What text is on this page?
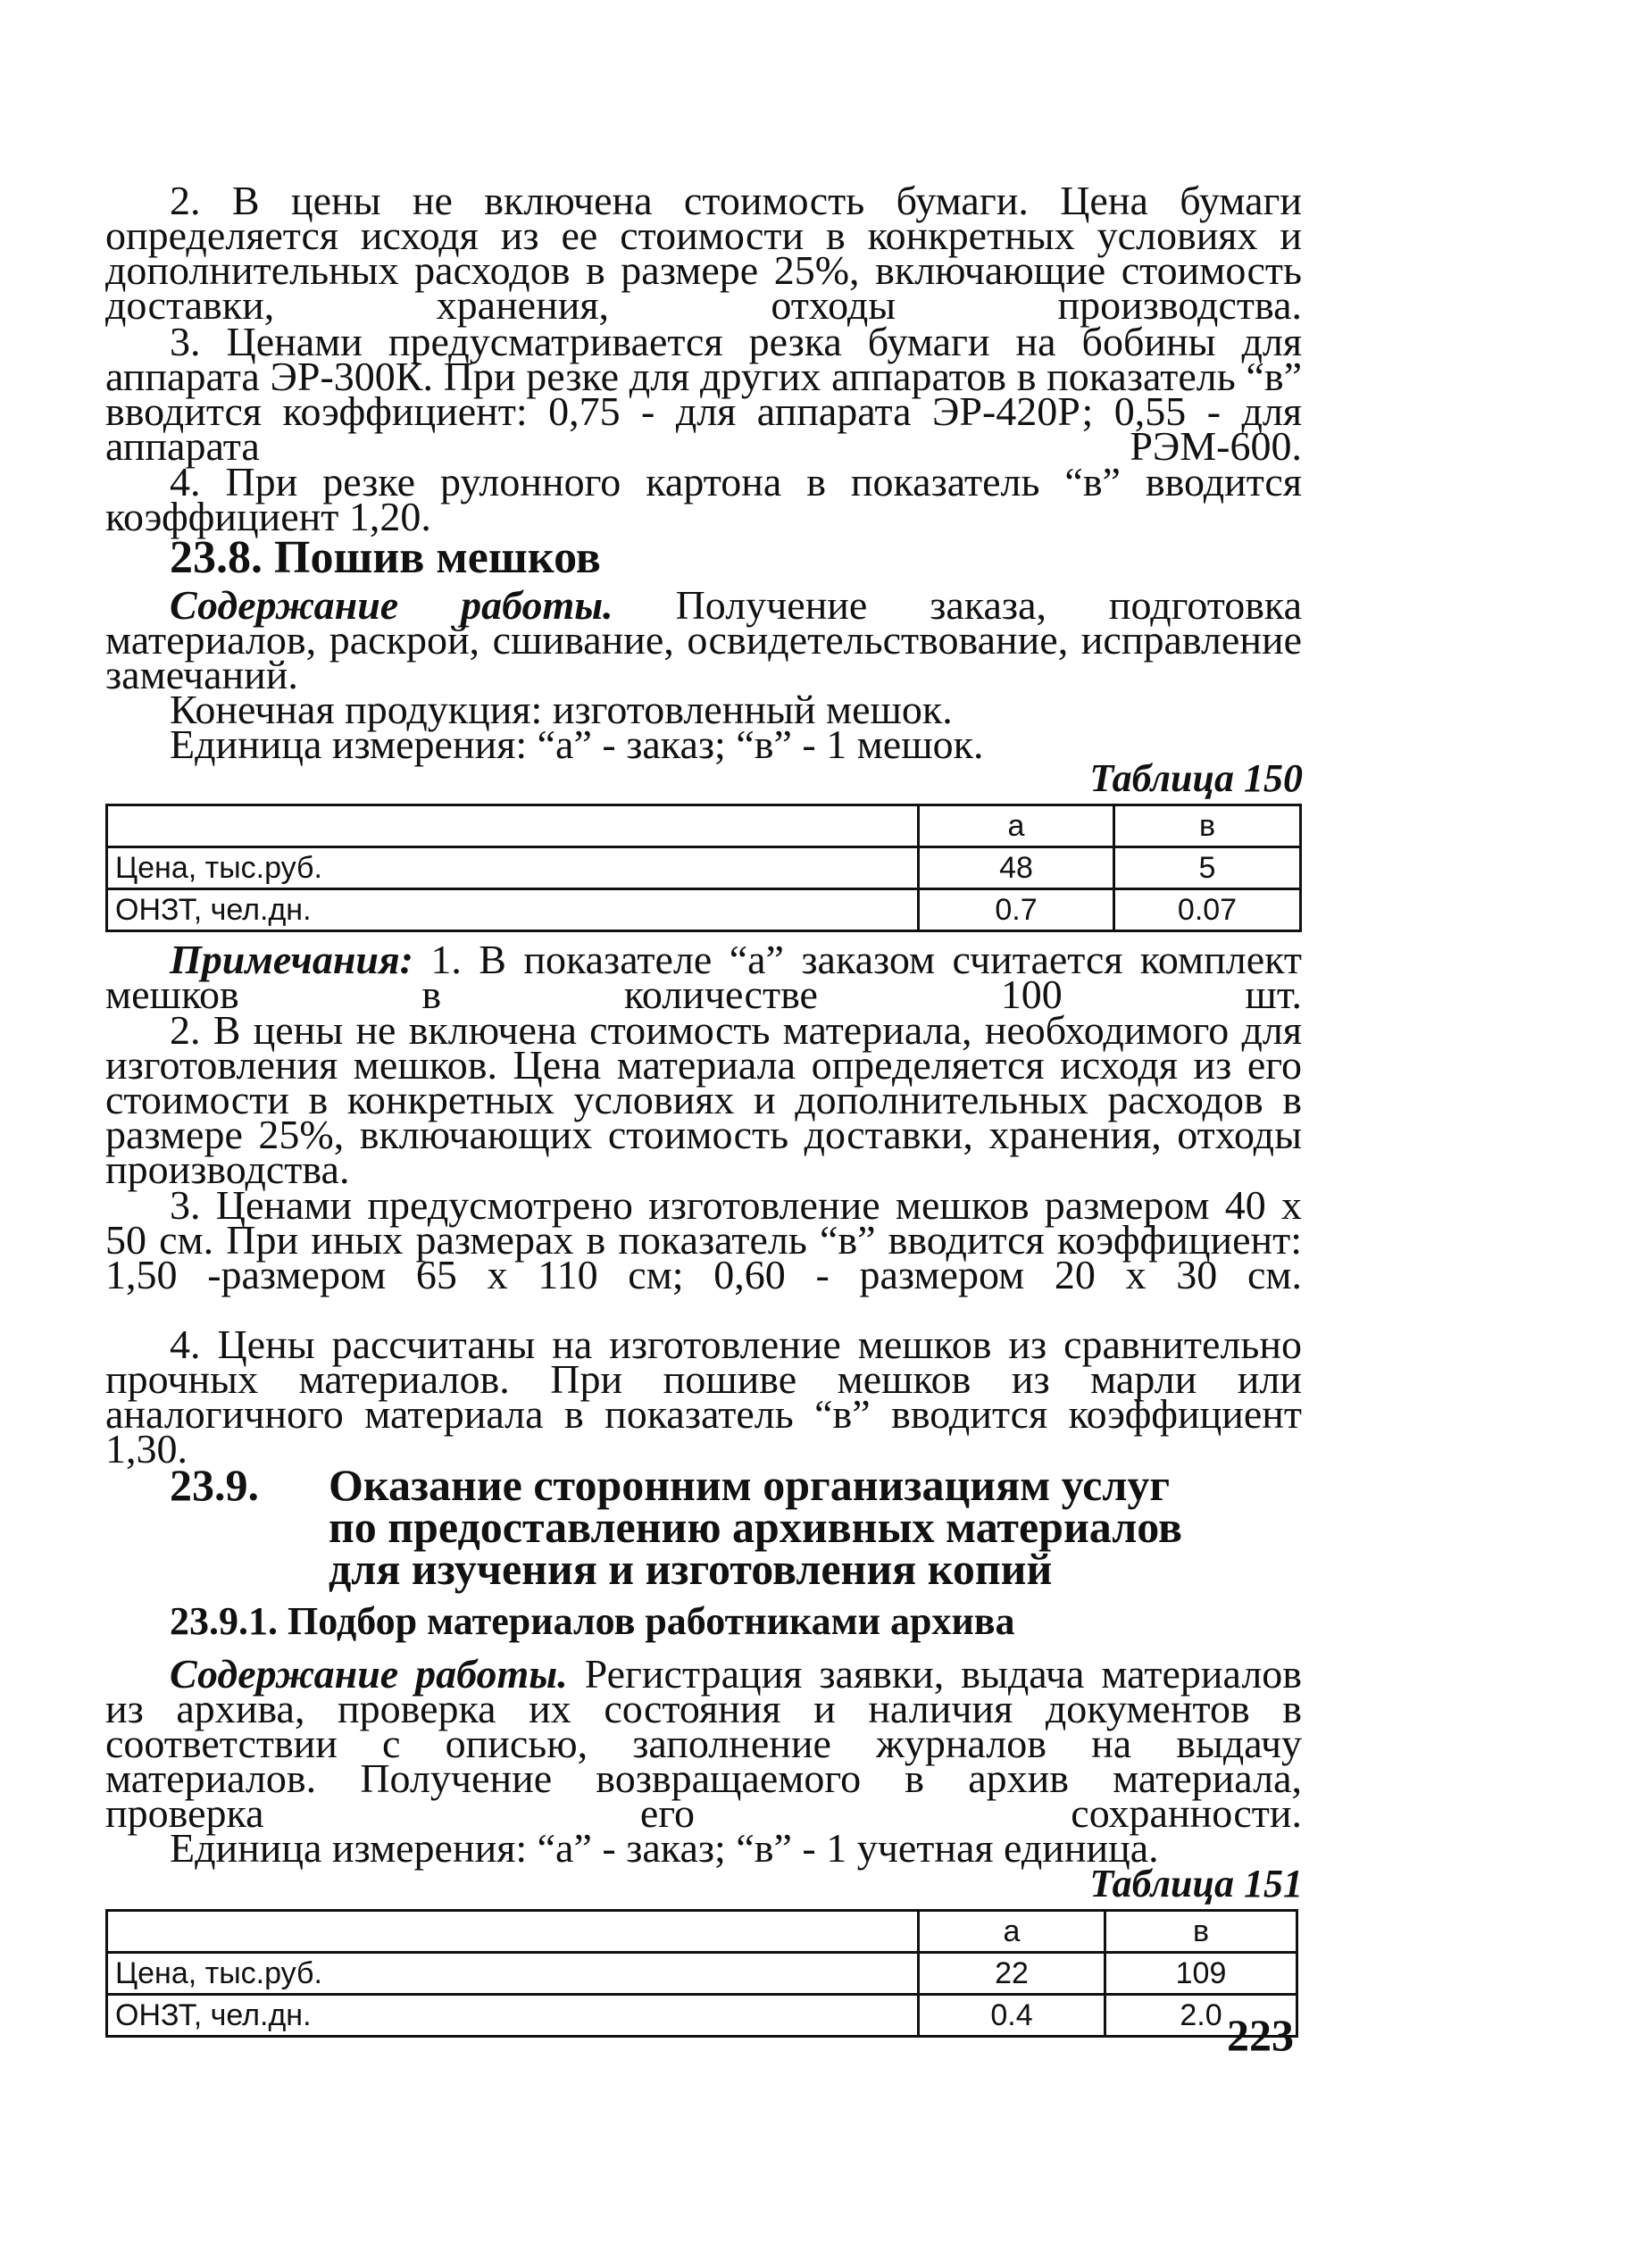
2. В цены не включена стоимость бумаги. Цена бумаги определяется исходя из ее стоимости в конкретных условиях и дополнительных расходов в размере 25%, включающие стоимость доставки, хранения, отходы производства.

3. Ценами предусматривается резка бумаги на бобины для аппарата ЭР-300К. При резке для других аппаратов в показатель “в” вводится коэффициент: 0,75 - для аппарата ЭР-420Р; 0,55 - для аппарата РЭМ-600.

4. При резке рулонного картона в показатель “в” вводится коэффициент 1,20.

23.8. Пошив мешков

Содержание работы. Получение заказа, подготовка материалов, раскрой, сшивание, освидетельствование, исправление замечаний.

Конечная продукция: изготовленный мешок.
Единица измерения: “а” - заказ; “в” - 1 мешок.
Таблица 150
	а	в
Цена, тыс.руб.	48	5
ОНЗТ, чел.дн.	0.7	0.07

Примечания: 1. В показателе “а” заказом считается комплект мешков в количестве 100 шт.

2. В цены не включена стоимость материала, необходимого для изготовления мешков. Цена материала определяется исходя из его стоимости в конкретных условиях и дополнительных расходов в размере 25%, включающих стоимость доставки, хранения, отходы производства.

3. Ценами предусмотрено изготовление мешков размером 40 х 50 см. При иных размерах в показатель “в” вводится коэффициент: 1,50 -размером 65 х 110 см; 0,60 - размером 20 х 30 см.

4. Цены рассчитаны на изготовление мешков из сравнительно прочных материалов. При пошиве мешков из марли или аналогичного материала в показатель “в” вводится коэффициент 1,30.

23.9. Оказание сторонним организациям услуг
по предоставлению архивных материалов
для изучения и изготовления копий
23.9.1. Подбор материалов работниками архива

Содержание работы. Регистрация заявки, выдача материалов из архива, проверка их состояния и наличия документов в соответствии с описью, заполнение журналов на выдачу материалов. Получение возвращаемого в архив материала, проверка его сохранности.

Единица измерения: “а” - заказ; “в” - 1 учетная единица.
Таблица 151
	а	в
Цена, тыс.руб.	22	109
ОНЗТ, чел.дн.	0.4	2.0 223
